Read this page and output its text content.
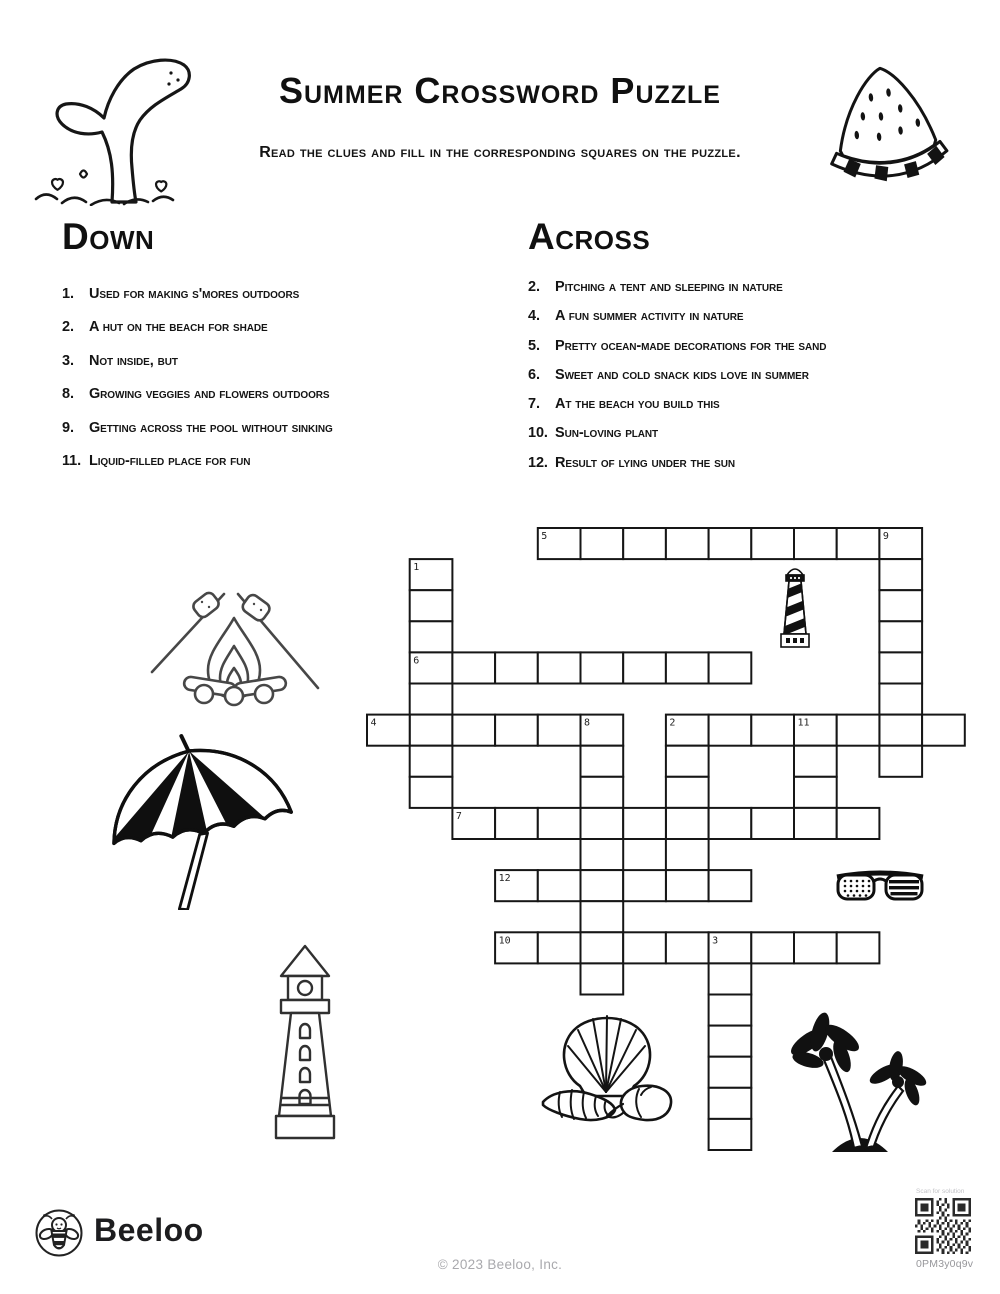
Summer Crossword Puzzle
Read the clues and fill in the corresponding squares on the puzzle.
Down
1.	Used for making s'mores outdoors
2.	A hut on the beach for shade
3.	Not inside, but
8.	Growing veggies and flowers outdoors
9.	Getting across the pool without sinking
11. Liquid-filled place for fun
Across
2.	Pitching a tent and sleeping in nature
4.	A fun summer activity in nature
5.	Pretty ocean-made decorations for the sand
6.	Sweet and cold snack kids love in summer
7.	At the beach you build this
10. Sun-loving plant
12. Result of lying under the sun
5	9
1
6
4	8	2	11
7
12
10	3
Beeloo
© 2023 Beeloo, Inc.
Scan for solution
0PM3y0q9v
